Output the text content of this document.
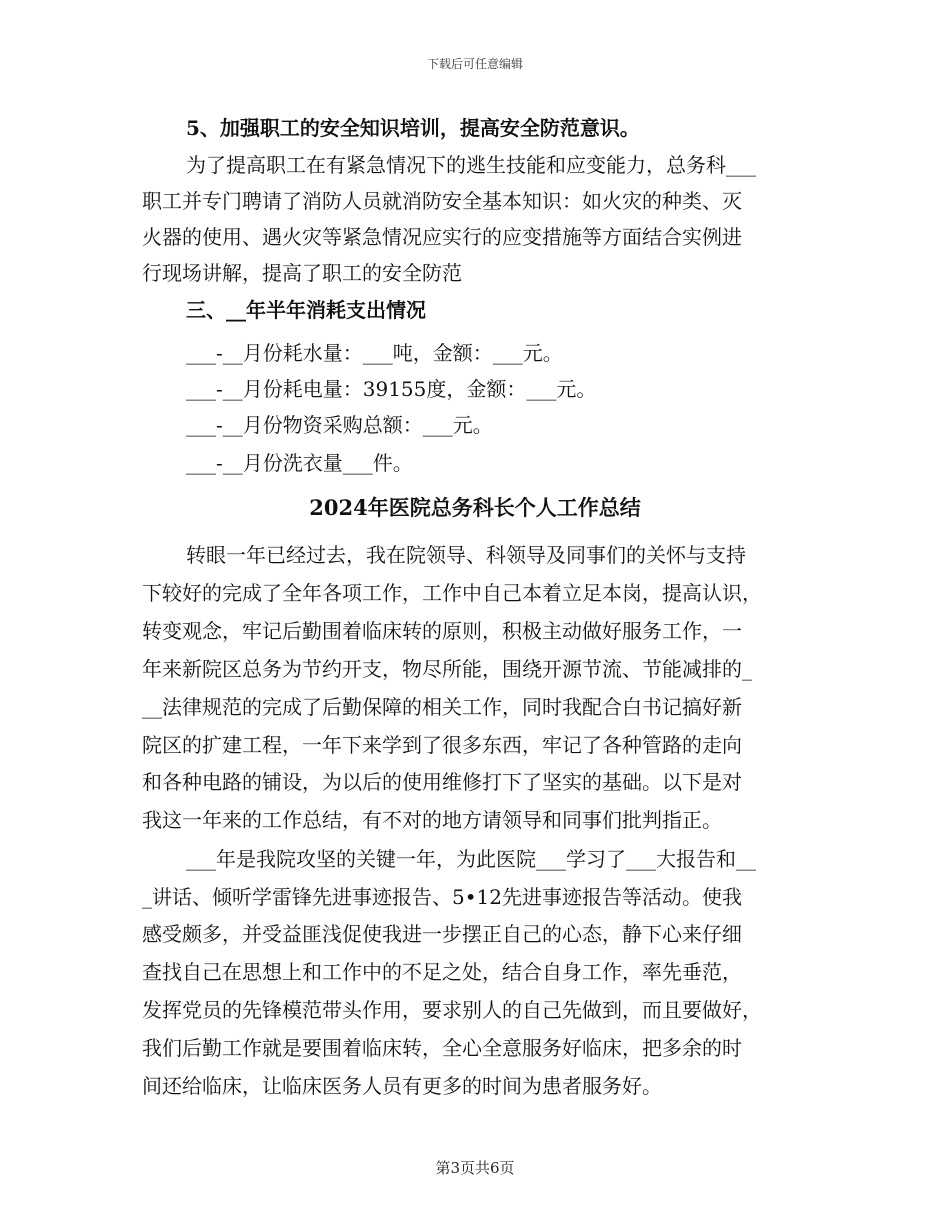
下载后可任意编辑
5、加强职工的安全知识培训，提高安全防范意识。
为了提高职工在有紧急情况下的逃生技能和应变能力，总务科___
职工并专门聘请了消防人员就消防安全基本知识：如火灾的种类、灭
火器的使用、遇火灾等紧急情况应实行的应变措施等方面结合实例进
行现场讲解，提高了职工的安全防范
三、__年半年消耗支出情况
___-__月份耗水量：___吨，金额：___元。
___-__月份耗电量：39155度，金额：___元。
___-__月份物资采购总额：___元。
___-__月份洗衣量___件。
2024年医院总务科长个人工作总结
转眼一年已经过去，我在院领导、科领导及同事们的关怀与支持
下较好的完成了全年各项工作，工作中自己本着立足本岗，提高认识，
转变观念，牢记后勤围着临床转的原则，积极主动做好服务工作，一
年来新院区总务为节约开支，物尽所能，围绕开源节流、节能减排的_
__法律规范的完成了后勤保障的相关工作，同时我配合白书记搞好新
院区的扩建工程，一年下来学到了很多东西，牢记了各种管路的走向
和各种电路的铺设，为以后的使用维修打下了坚实的基础。以下是对
我这一年来的工作总结，有不对的地方请领导和同事们批判指正。
___年是我院攻坚的关键一年，为此医院___学习了___大报告和__
_讲话、倾听学雷锋先进事迹报告、5•12先进事迹报告等活动。使我
感受颇多，并受益匪浅促使我进一步摆正自己的心态，静下心来仔细
查找自己在思想上和工作中的不足之处，结合自身工作，率先垂范，
发挥党员的先锋模范带头作用，要求别人的自己先做到，而且要做好，
我们后勤工作就是要围着临床转，全心全意服务好临床，把多余的时
间还给临床，让临床医务人员有更多的时间为患者服务好。
第3页共6页
